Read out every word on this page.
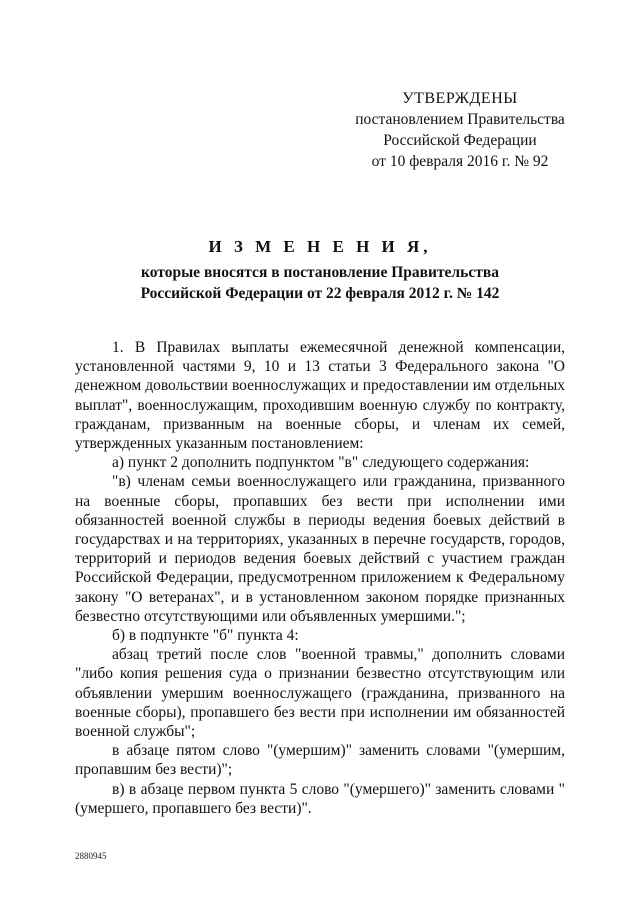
УТВЕРЖДЕНЫ
постановлением Правительства
Российской Федерации
от 10 февраля 2016 г. № 92
И З М Е Н Е Н И Я,
которые вносятся в постановление Правительства
Российской Федерации от 22 февраля 2012 г. № 142

1. В Правилах выплаты ежемесячной денежной компенсации, установленной частями 9, 10 и 13 статьи 3 Федерального закона "О денежном довольствии военнослужащих и предоставлении им отдельных выплат", военнослужащим, проходившим военную службу по контракту, гражданам, призванным на военные сборы, и членам их семей, утвержденных указанным постановлением:

а) пункт 2 дополнить подпунктом "в" следующего содержания:

"в) членам семьи военнослужащего или гражданина, призванного на военные сборы, пропавших без вести при исполнении ими обязанностей военной службы в периоды ведения боевых действий в государствах и на территориях, указанных в перечне государств, городов, территорий и периодов ведения боевых действий с участием граждан Российской Федерации, предусмотренном приложением к Федеральному закону "О ветеранах", и в установленном законом порядке признанных безвестно отсутствующими или объявленных умершими.";

б) в подпункте "б" пункта 4:

абзац третий после слов "военной травмы," дополнить словами "либо копия решения суда о признании безвестно отсутствующим или объявлении умершим военнослужащего (гражданина, призванного на военные сборы), пропавшего без вести при исполнении им обязанностей военной службы";

в абзаце пятом слово "(умершим)" заменить словами "(умершим, пропавшим без вести)";

в) в абзаце первом пункта 5 слово "(умершего)" заменить словами "(умершего, пропавшего без вести)".

2880945
